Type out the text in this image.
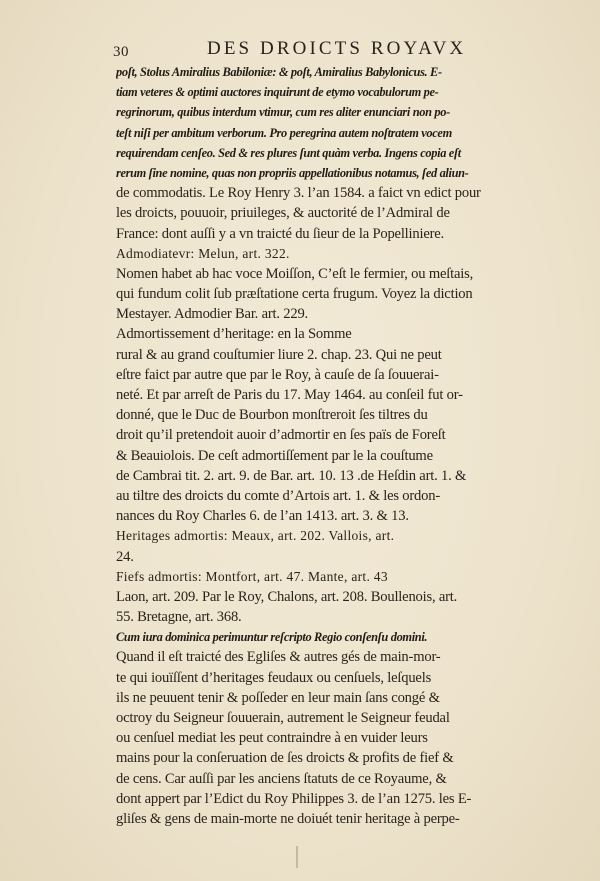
30	DES DROICTS ROYAVX
poſt, Stolus Amiralius Babiloniæ: & poſt, Amiralius Babylonicus. E-
tiam veteres & optimi auctores inquirunt de etymo vocabulorum pe-
regrinorum, quibus interdum vtimur, cum res aliter enunciari non po-
teſt niſi per ambitum verborum. Pro peregrina autem noſtratem vocem
requirendam cenſeo. Sed & res plures ſunt quàm verba. Ingens copia eſt
rerum ſine nomine, quas non propriis appellationibus notamus, ſed aliun-
de commodatis. Le Roy Henry 3. l’an 1584. a faict vn edict pour
les droicts, pouuoir, priuileges, & auctorité de l’Admiral de
France: dont auſſi y a vn traicté du ſieur de la Popelliniere.
Admodiatevr: Melun, art. 322.
Nomen habet ab hac voce Moiſſon, C’eſt le fermier, ou meſtais,
qui fundum colit ſub præſtatione certa frugum. Voyez la diction
Mestayer. Admodier Bar. art. 229.
Admortissement d’heritage: en la Somme
rural & au grand couſtumier liure 2. chap. 23. Qui ne peut
eſtre faict par autre que par le Roy, à cauſe de ſa ſouuerai-
neté. Et par arreſt de Paris du 17. May 1464. au conſeil fut or-
donné, que le Duc de Bourbon monſtreroit ſes tiltres du
droit qu’il pretendoit auoir d’admortir en ſes païs de Foreſt
& Beauiolois. De ceſt admortiſſement par le la couſtume
de Cambrai tit. 2. art. 9. de Bar. art. 10. 13 .de Heſdin art. 1. &
au tiltre des droicts du comte d’Artois art. 1. & les ordon-
nances du Roy Charles 6. de l’an 1413. art. 3. & 13.
Heritages admortis: Meaux, art. 202. Vallois, art.
24.
Fiefs admortis: Montfort, art. 47. Mante, art. 43
Laon, art. 209. Par le Roy, Chalons, art. 208. Boullenois, art.
55. Bretagne, art. 368.
Cum iura dominica perimuntur reſcripto Regio conſenſu domini.
Quand il eſt traicté des Egliſes & autres gés de main-mor-
te qui iouïſſent d’heritages feudaux ou cenſuels, leſquels
ils ne peuuent tenir & poſſeder en leur main ſans congé &
octroy du Seigneur ſouuerain, autrement le Seigneur feudal
ou cenſuel mediat les peut contraindre à en vuider leurs
mains pour la conſeruation de ſes droicts & profits de fief &
de cens. Car auſſi par les anciens ſtatuts de ce Royaume, &
dont appert par l’Edict du Roy Philippes 3. de l’an 1275. les E-
gliſes & gens de main-morte ne doiuét tenir heritage à perpe-
